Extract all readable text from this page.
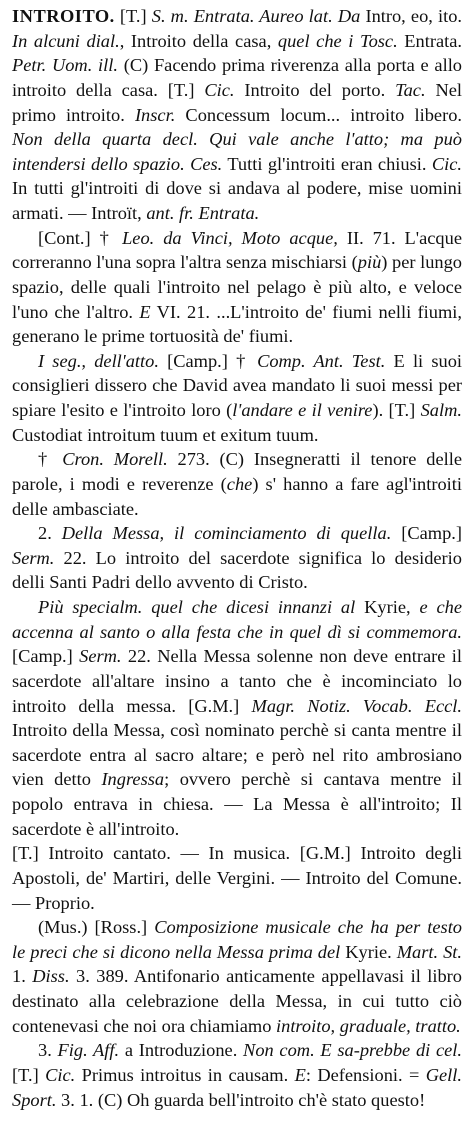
INTROITO. [T.] S. m. Entrata. Aureo lat. Da Intro, eo, ito. In alcuni dial., Introito della casa, quel che i Tosc. Entrata. Petr. Uom. ill. (C) Facendo prima riverenza alla porta e allo introito della casa. [T.] Cic. Introito del porto. Tac. Nel primo introito. Inscr. Concessum locum... introito libero. Non della quarta decl. Qui vale anche l'atto; ma può intendersi dello spazio. Ces. Tutti gl'introiti eran chiusi. Cic. In tutti gl'introiti di dove si andava al podere, mise uomini armati. — Introït, ant. fr. Entrata.

[Cont.] † Leo. da Vinci, Moto acque, II. 71. L'acque correranno l'una sopra l'altra senza mischiarsi (più) per lungo spazio, delle quali l'introito nel pelago è più alto, e veloce l'uno che l'altro. E VI. 21. ...L'introito de' fiumi nelli fiumi, generano le prime tortuosità de' fiumi.

I seg., dell'atto. [Camp.] † Comp. Ant. Test. E li suoi consiglieri dissero che David avea mandato li suoi messi per spiare l'esito e l'introito loro (l'andare e il venire). [T.] Salm. Custodiat introitum tuum et exitum tuum.

† Cron. Morell. 273. (C) Insegneratti il tenore delle parole, i modi e reverenze (che) s' hanno a fare agl'introiti delle ambasciate.

2. Della Messa, il cominciamento di quella. [Camp.] Serm. 22. Lo introito del sacerdote significa lo desiderio delli Santi Padri dello avvento di Cristo.

Più specialm. quel che dicesi innanzi al Kyrie, e che accenna al santo o alla festa che in quel dì si commemora. [Camp.] Serm. 22. Nella Messa solenne non deve entrare il sacerdote all'altare insino a tanto che è incominciato lo introito della messa. [G.M.] Magr. Notiz. Vocab. Eccl. Introito della Messa, così nominato perchè si canta mentre il sacerdote entra al sacro altare; e però nel rito ambrosiano vien detto Ingressa; ovvero perchè si cantava mentre il popolo entrava in chiesa. — La Messa è all'introito; Il sacerdote è all'introito.

[T.] Introito cantato. — In musica. [G.M.] Introito degli Apostoli, de' Martiri, delle Vergini. — Introito del Comune. — Proprio.

(Mus.) [Ross.] Composizione musicale che ha per testo le preci che si dicono nella Messa prima del Kyrie. Mart. St. 1. Diss. 3. 389. Antifonario anticamente appellavasi il libro destinato alla celebrazione della Messa, in cui tutto ciò contenevasi che noi ora chiamiamo introito, graduale, tratto.

3. Fig. Aff. a Introduzione. Non com. E sa-prebbe di cel. [T.] Cic. Primus introitus in causam. E: Defensioni. = Gell. Sport. 3. 1. (C) Oh guarda bell'introito ch'è stato questo!
